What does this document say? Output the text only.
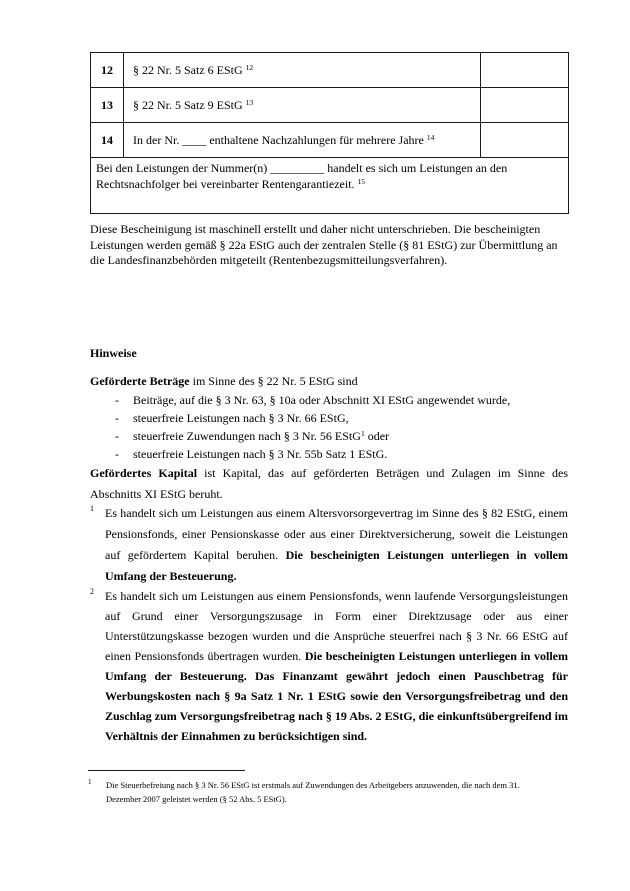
12	§ 22 Nr. 5 Satz 6 EStG $^{12}$	
13	§ 22 Nr. 5 Satz 9 EStG $^{13}$	
14	In der Nr. ____ enthaltene Nachzahlungen für mehrere Jahre $^{14}$	
Bei den Leistungen der Nummer(n) _________ handelt es sich um Leistungen an den Rechtsnachfolger bei vereinbarter Rentengarantiezeit. $^{15}$

Diese Bescheinigung ist maschinell erstellt und daher nicht unterschrieben. Die bescheinigten Leistungen werden gemäß § 22a EStG auch der zentralen Stelle (§ 81 EStG) zur Übermittlung an die Landesfinanzbehörden mitgeteilt (Rentenbezugsmitteilungsverfahren).

Hinweise
Geförderte Beträge im Sinne des § 22 Nr. 5 EStG sind
-	Beiträge, auf die § 3 Nr. 63, § 10a oder Abschnitt XI EStG angewendet wurde,
-	steuerfreie Leistungen nach § 3 Nr. 66 EStG,
-	steuerfreie Zuwendungen nach § 3 Nr. 56 EStG$^1$ oder
-	steuerfreie Leistungen nach § 3 Nr. 55b Satz 1 EStG.

Gefördertes Kapital ist Kapital, das auf geförderten Beträgen und Zulagen im Sinne des Abschnitts XI EStG beruht.

1 Es handelt sich um Leistungen aus einem Altersvorsorgevertrag im Sinne des § 82 EStG, einem Pensionsfonds, einer Pensionskasse oder aus einer Direktversicherung, soweit die Leistungen auf gefördertem Kapital beruhen. Die bescheinigten Leistungen unterliegen in vollem Umfang der Besteuerung.
2 Es handelt sich um Leistungen aus einem Pensionsfonds, wenn laufende Versorgungsleistungen auf Grund einer Versorgungszusage in Form einer Direktzusage oder aus einer Unterstützungskasse bezogen wurden und die Ansprüche steuerfrei nach § 3 Nr. 66 EStG auf einen Pensionsfonds übertragen wurden. Die bescheinigten Leistungen unterliegen in vollem Umfang der Besteuerung. Das Finanzamt gewährt jedoch einen Pauschbetrag für Werbungskosten nach § 9a Satz 1 Nr. 1 EStG sowie den Versorgungsfreibetrag und den Zuschlag zum Versorgungsfreibetrag nach § 19 Abs. 2 EStG, die einkunftsübergreifend im Verhältnis der Einnahmen zu berücksichtigen sind.
1	Die Steuerbefreiung nach § 3 Nr. 56 EStG ist erstmals auf Zuwendungen des Arbeitgebers anzuwenden, die nach dem 31. Dezember 2007 geleistet werden (§ 52 Abs. 5 EStG).
